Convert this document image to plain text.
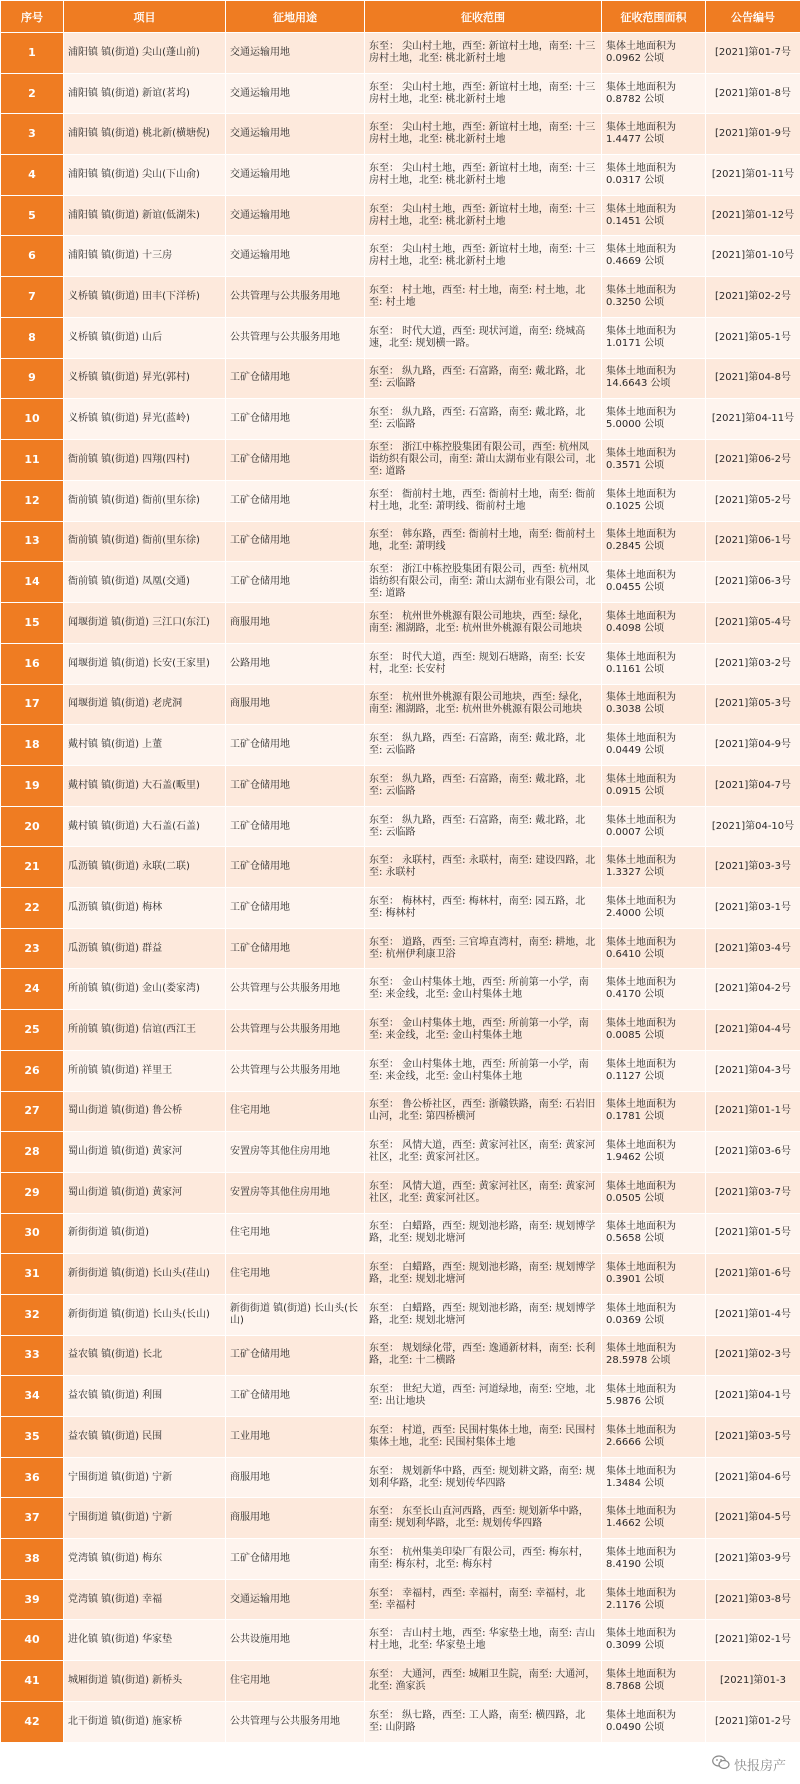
序号	项目	征地用途	征收范围	征收范围面积	公告编号
1	浦阳镇 镇(街道) 尖山(蓬山前)	交通运输用地	东至： 尖山村土地，西至: 新谊村土地，南至: 十三房村土地，北至: 桃北新村土地	集体土地面积为0.0962 公顷	[2021]第01-7号
2	浦阳镇 镇(街道) 新谊(茗坞)	交通运输用地	东至： 尖山村土地，西至: 新谊村土地，南至: 十三房村土地，北至: 桃北新村土地	集体土地面积为0.8782 公顷	[2021]第01-8号
3	浦阳镇 镇(街道) 桃北新(横塘倪)	交通运输用地	东至： 尖山村土地，西至: 新谊村土地，南至: 十三房村土地，北至: 桃北新村土地	集体土地面积为1.4477 公顷	[2021]第01-9号
4	浦阳镇 镇(街道) 尖山(下山俞)	交通运输用地	东至： 尖山村土地，西至: 新谊村土地，南至: 十三房村土地，北至: 桃北新村土地	集体土地面积为0.0317 公顷	[2021]第01-11号
5	浦阳镇 镇(街道) 新谊(低湖朱)	交通运输用地	东至： 尖山村土地，西至: 新谊村土地，南至: 十三房村土地，北至: 桃北新村土地	集体土地面积为0.1451 公顷	[2021]第01-12号
6	浦阳镇 镇(街道) 十三房	交通运输用地	东至： 尖山村土地，西至: 新谊村土地，南至: 十三房村土地，北至: 桃北新村土地	集体土地面积为0.4669 公顷	[2021]第01-10号
7	义桥镇 镇(街道) 田丰(下洋桥)	公共管理与公共服务用地	东至： 村土地，西至: 村土地，南至: 村土地，北至: 村土地	集体土地面积为0.3250 公顷	[2021]第02-2号
8	义桥镇 镇(街道) 山后	公共管理与公共服务用地	东至： 时代大道，西至: 现状河道，南至: 绕城高速，北至: 规划横一路。	集体土地面积为1.0171 公顷	[2021]第05-1号
9	义桥镇 镇(街道) 昇光(郭村)	工矿仓储用地	东至： 纵九路，西至: 石富路，南至: 戴北路，北至: 云临路	集体土地面积为14.6643 公顷	[2021]第04-8号
10	义桥镇 镇(街道) 昇光(蓝岭)	工矿仓储用地	东至： 纵九路，西至: 石富路，南至: 戴北路，北至: 云临路	集体土地面积为5.0000 公顷	[2021]第04-11号
11	衙前镇 镇(街道) 四翔(四村)	工矿仓储用地	东至： 浙江中栋控股集团有限公司，西至: 杭州凤诣纺织有限公司，南至: 萧山太湖布业有限公司，北至: 道路	集体土地面积为0.3571 公顷	[2021]第06-2号
12	衙前镇 镇(街道) 衙前(里东徐)	工矿仓储用地	东至： 衙前村土地，西至: 衙前村土地，南至: 衙前村土地，北至: 萧明线、衙前村土地	集体土地面积为0.1025 公顷	[2021]第05-2号
13	衙前镇 镇(街道) 衙前(里东徐)	工矿仓储用地	东至： 韩东路，西至: 衙前村土地，南至: 衙前村土地，北至: 萧明线	集体土地面积为0.2845 公顷	[2021]第06-1号
14	衙前镇 镇(街道) 凤凰(交通)	工矿仓储用地	东至： 浙江中栋控股集团有限公司，西至: 杭州凤诣纺织有限公司，南至: 萧山太湖布业有限公司，北至: 道路	集体土地面积为0.0455 公顷	[2021]第06-3号
15	闻堰街道 镇(街道) 三江口(东江)	商服用地	东至： 杭州世外桃源有限公司地块，西至: 绿化，南至: 湘湖路，北至: 杭州世外桃源有限公司地块	集体土地面积为0.4098 公顷	[2021]第05-4号
16	闻堰街道 镇(街道) 长安(王家里)	公路用地	东至： 时代大道，西至: 规划石塘路，南至: 长安村，北至: 长安村	集体土地面积为0.1161 公顷	[2021]第03-2号
17	闻堰街道 镇(街道) 老虎洞	商服用地	东至： 杭州世外桃源有限公司地块，西至: 绿化，南至: 湘湖路，北至: 杭州世外桃源有限公司地块	集体土地面积为0.3038 公顷	[2021]第05-3号
18	戴村镇 镇(街道) 上董	工矿仓储用地	东至： 纵九路，西至: 石富路，南至: 戴北路，北至: 云临路	集体土地面积为0.0449 公顷	[2021]第04-9号
19	戴村镇 镇(街道) 大石盖(畈里)	工矿仓储用地	东至： 纵九路，西至: 石富路，南至: 戴北路，北至: 云临路	集体土地面积为0.0915 公顷	[2021]第04-7号
20	戴村镇 镇(街道) 大石盖(石盖)	工矿仓储用地	东至： 纵九路，西至: 石富路，南至: 戴北路，北至: 云临路	集体土地面积为0.0007 公顷	[2021]第04-10号
21	瓜沥镇 镇(街道) 永联(二联)	工矿仓储用地	东至： 永联村，西至: 永联村，南至: 建设四路，北至: 永联村	集体土地面积为1.3327 公顷	[2021]第03-3号
22	瓜沥镇 镇(街道) 梅林	工矿仓储用地	东至： 梅林村，西至: 梅林村，南至: 园五路，北至: 梅林村	集体土地面积为2.4000 公顷	[2021]第03-1号
23	瓜沥镇 镇(街道) 群益	工矿仓储用地	东至： 道路，西至: 三官埠直湾村，南至: 耕地，北至: 杭州伊利康卫浴	集体土地面积为0.6410 公顷	[2021]第03-4号
24	所前镇 镇(街道) 金山(娄家湾)	公共管理与公共服务用地	东至： 金山村集体土地，西至: 所前第一小学，南至: 来金线，北至: 金山村集体土地	集体土地面积为0.4170 公顷	[2021]第04-2号
25	所前镇 镇(街道) 信谊(西江王	公共管理与公共服务用地	东至： 金山村集体土地，西至: 所前第一小学，南至: 来金线，北至: 金山村集体土地	集体土地面积为0.0085 公顷	[2021]第04-4号
26	所前镇 镇(街道) 祥里王	公共管理与公共服务用地	东至： 金山村集体土地，西至: 所前第一小学，南至: 来金线，北至: 金山村集体土地	集体土地面积为0.1127 公顷	[2021]第04-3号
27	蜀山街道 镇(街道) 鲁公桥	住宅用地	东至： 鲁公桥社区，西至: 浙赣铁路，南至: 石岩旧山河，北至: 第四桥横河	集体土地面积为0.1781 公顷	[2021]第01-1号
28	蜀山街道 镇(街道) 黄家河	安置房等其他住房用地	东至： 风情大道，西至: 黄家河社区，南至: 黄家河社区，北至: 黄家河社区。	集体土地面积为1.9462 公顷	[2021]第03-6号
29	蜀山街道 镇(街道) 黄家河	安置房等其他住房用地	东至： 风情大道，西至: 黄家河社区，南至: 黄家河社区，北至: 黄家河社区。	集体土地面积为0.0505 公顷	[2021]第03-7号
30	新街街道 镇(街道)	住宅用地	东至： 白蜡路，西至: 规划池杉路，南至: 规划博学路，北至: 规划北塘河	集体土地面积为0.5658 公顷	[2021]第01-5号
31	新街街道 镇(街道) 长山头(荏山)	住宅用地	东至： 白蜡路，西至: 规划池杉路，南至: 规划博学路，北至: 规划北塘河	集体土地面积为0.3901 公顷	[2021]第01-6号
32	新街街道 镇(街道) 长山头(长山)	新街街道 镇(街道) 长山头(长山)	东至： 白蜡路，西至: 规划池杉路，南至: 规划博学路，北至: 规划北塘河	集体土地面积为0.0369 公顷	[2021]第01-4号
33	益农镇 镇(街道) 长北	工矿仓储用地	东至： 规划绿化带，西至: 逸通新材料，南至: 长利路，北至: 十二横路	集体土地面积为28.5978 公顷	[2021]第02-3号
34	益农镇 镇(街道) 利围	工矿仓储用地	东至： 世纪大道，西至: 河道绿地，南至: 空地，北至: 出让地块	集体土地面积为5.9876 公顷	[2021]第04-1号
35	益农镇 镇(街道) 民围	工业用地	东至： 村道，西至: 民围村集体土地，南至: 民围村集体土地，北至: 民围村集体土地	集体土地面积为2.6666 公顷	[2021]第03-5号
36	宁围街道 镇(街道) 宁新	商服用地	东至： 规划新华中路，西至: 规划耕文路，南至: 规划利华路，北至: 规划传华四路	集体土地面积为1.3484 公顷	[2021]第04-6号
37	宁围街道 镇(街道) 宁新	商服用地	东至： 东至长山直河西路，西至: 规划新华中路，南至: 规划利华路，北至: 规划传华四路	集体土地面积为1.4662 公顷	[2021]第04-5号
38	党湾镇 镇(街道) 梅东	工矿仓储用地	东至： 杭州集美印染厂有限公司，西至: 梅东村，南至: 梅东村，北至: 梅东村	集体土地面积为8.4190 公顷	[2021]第03-9号
39	党湾镇 镇(街道) 幸福	交通运输用地	东至： 幸福村，西至: 幸福村，南至: 幸福村，北至: 幸福村	集体土地面积为2.1176 公顷	[2021]第03-8号
40	进化镇 镇(街道) 华家垫	公共设施用地	东至： 吉山村土地，西至: 华家垫土地，南至: 吉山村土地，北至: 华家垫土地	集体土地面积为0.3099 公顷	[2021]第02-1号
41	城厢街道 镇(街道) 新桥头	住宅用地	东至： 大通河，西至: 城厢卫生院，南至: 大通河，北至: 渔家浜	集体土地面积为8.7868 公顷	[2021]第01-3
42	北干街道 镇(街道) 施家桥	公共管理与公共服务用地	东至： 纵七路，西至: 工人路，南至: 横四路，北至: 山阴路	集体土地面积为0.0490 公顷	[2021]第01-2号
快报房产
